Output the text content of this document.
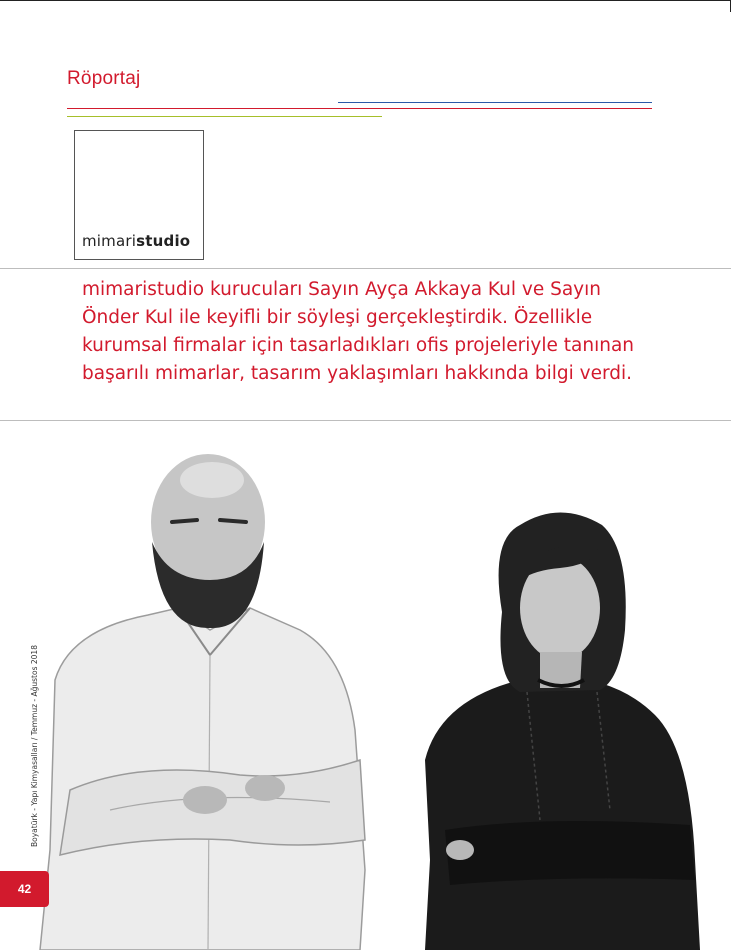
Röportaj
mimaristudio

mimaristudio kurucuları Sayın Ayça Akkaya Kul ve Sayın Önder Kul ile keyifli bir söyleşi gerçekleştirdik. Özellikle kurumsal firmalar için tasarladıkları ofis projeleriyle tanınan başarılı mimarlar, tasarım yaklaşımları hakkında bilgi verdi.

Boyatürk - Yapı Kimyasalları / Temmuz - Ağustos 2018
42
